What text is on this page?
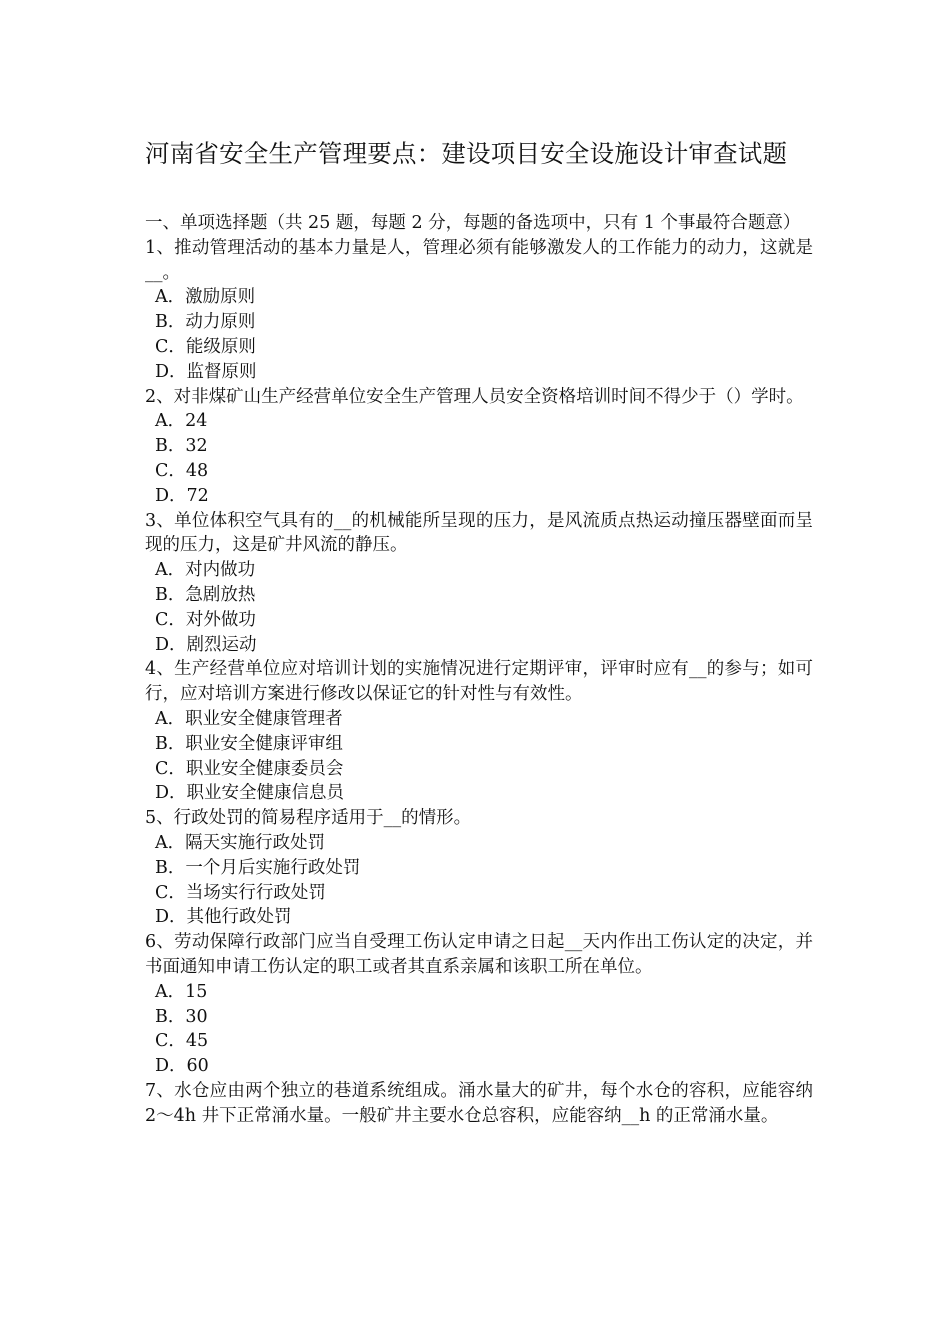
河南省安全生产管理要点：建设项目安全设施设计审查试题

一、单项选择题（共 25 题，每题 2 分，每题的备选项中，只有 1 个事最符合题意）

1、推动管理活动的基本力量是人，管理必须有能够激发人的工作能力的动力，这就是__。

A．激励原则

B．动力原则

C．能级原则

D．监督原则

2、对非煤矿山生产经营单位安全生产管理人员安全资格培训时间不得少于（）学时。

A．24

B．32

C．48

D．72

3、单位体积空气具有的__的机械能所呈现的压力，是风流质点热运动撞压器壁面而呈现的压力，这是矿井风流的静压。

A．对内做功

B．急剧放热

C．对外做功

D．剧烈运动

4、生产经营单位应对培训计划的实施情况进行定期评审，评审时应有__的参与；如可行，应对培训方案进行修改以保证它的针对性与有效性。

A．职业安全健康管理者

B．职业安全健康评审组

C．职业安全健康委员会

D．职业安全健康信息员

5、行政处罚的简易程序适用于__的情形。

A．隔天实施行政处罚

B．一个月后实施行政处罚

C．当场实行行政处罚

D．其他行政处罚

6、劳动保障行政部门应当自受理工伤认定申请之日起__天内作出工伤认定的决定，并书面通知申请工伤认定的职工或者其直系亲属和该职工所在单位。

A．15

B．30

C．45

D．60

7、水仓应由两个独立的巷道系统组成。涌水量大的矿井，每个水仓的容积，应能容纳 2～4h 井下正常涌水量。一般矿井主要水仓总容积，应能容纳__h 的正常涌水量。
